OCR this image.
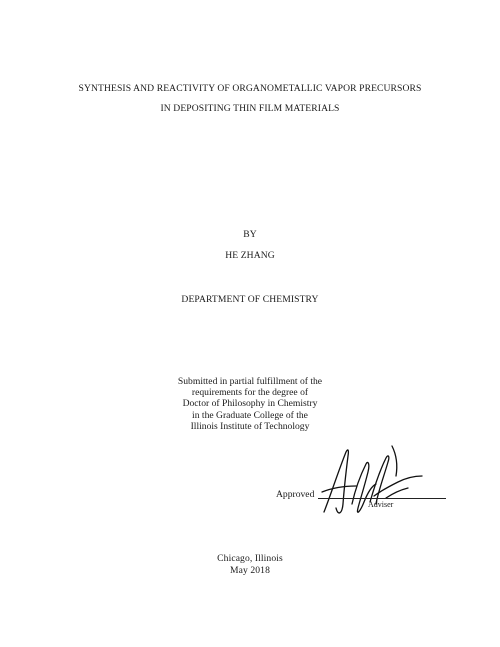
SYNTHESIS AND REACTIVITY OF ORGANOMETALLIC VAPOR PRECURSORS
IN DEPOSITING THIN FILM MATERIALS
BY
HE ZHANG
DEPARTMENT OF CHEMISTRY
Submitted in partial fulfillment of the
requirements for the degree of
Doctor of Philosophy in Chemistry
in the Graduate College of the
Illinois Institute of Technology
Approved
Adviser
Chicago, Illinois
May 2018
